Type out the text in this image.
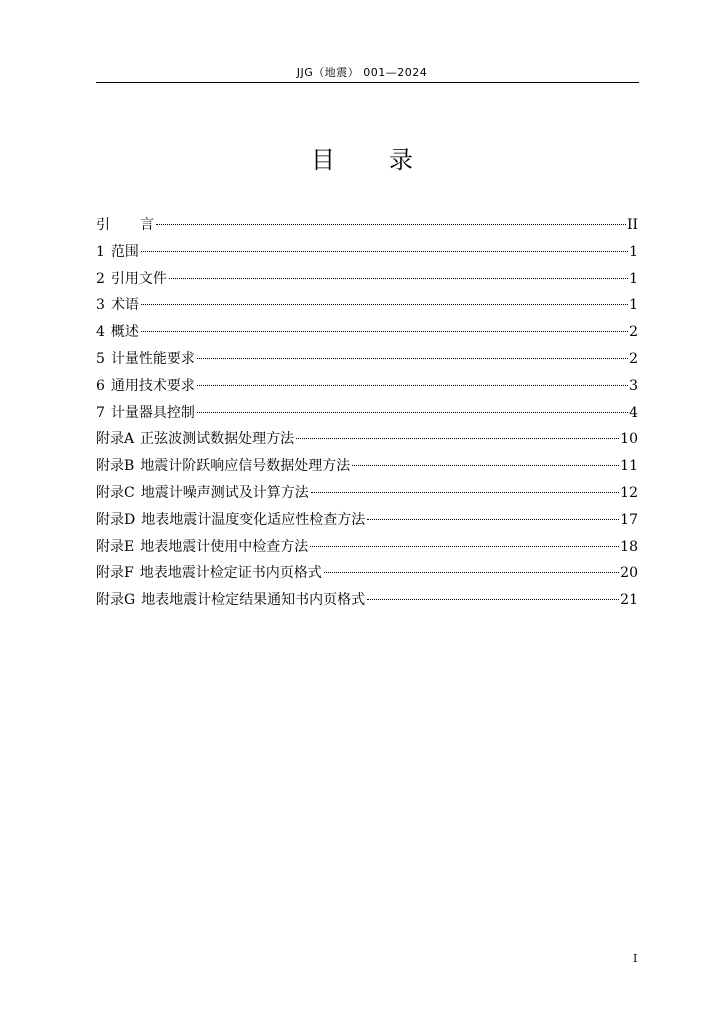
JJG（地震） 001—2024
目 录
引 言	II
1 范围	1
2 引用文件	1
3 术语	1
4 概述	2
5 计量性能要求	2
6 通用技术要求	3
7 计量器具控制	4
附录A 正弦波测试数据处理方法	10
附录B 地震计阶跃响应信号数据处理方法	11
附录C 地震计噪声测试及计算方法	12
附录D 地表地震计温度变化适应性检查方法	17
附录E 地表地震计使用中检查方法	18
附录F 地表地震计检定证书内页格式	20
附录G 地表地震计检定结果通知书内页格式	21
I
